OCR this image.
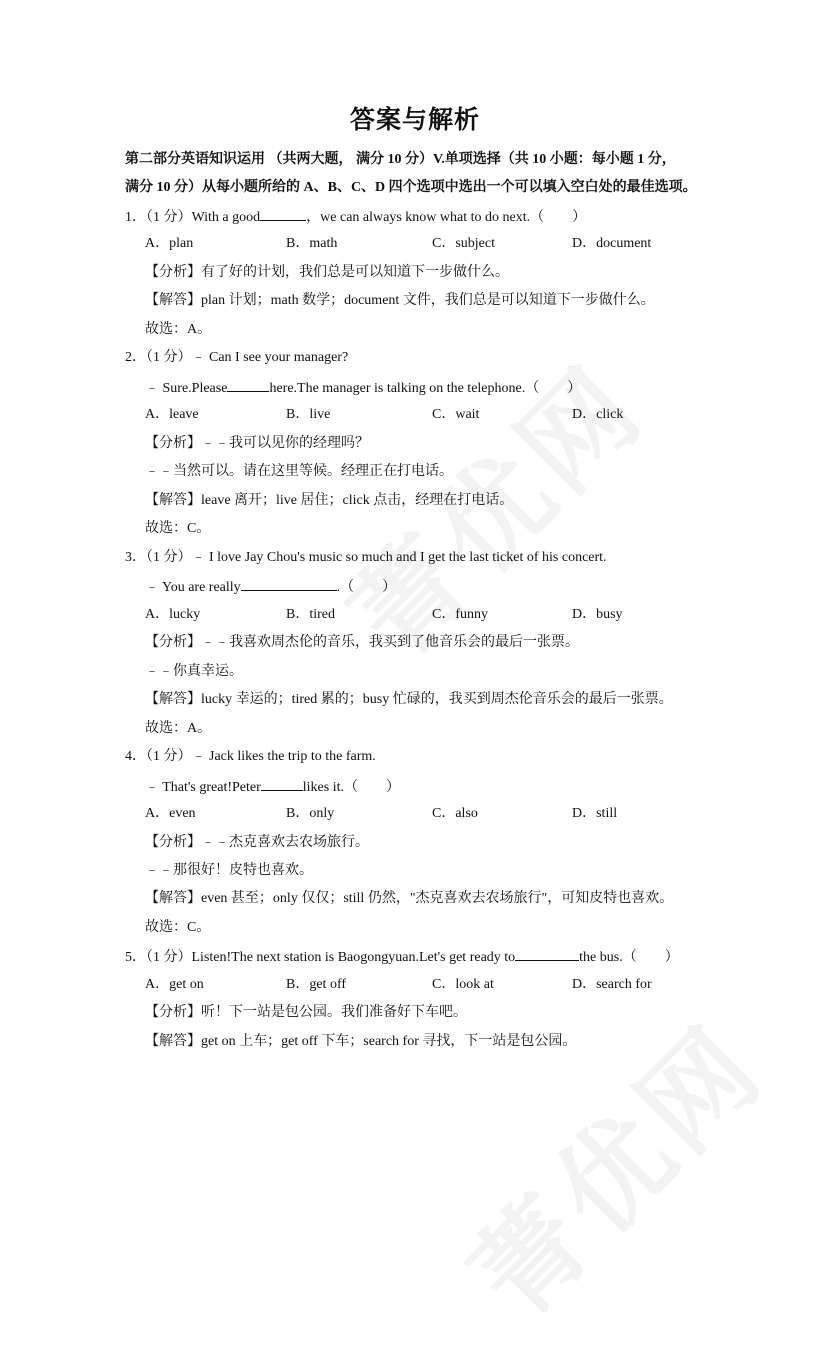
答案与解析
第二部分英语知识运用 （共两大题， 满分 10 分）V.单项选择（共 10 小题：每小题 1 分，
满分 10 分）从每小题所给的 A、B、C、D 四个选项中选出一个可以填入空白处的最佳选项。
1．（1 分）With a good	，we can always know what to do next.（　　）
A．plan	B．math	C．subject	D．document
【分析】有了好的计划，我们总是可以知道下一步做什么。
【解答】plan 计划；math 数学；document 文件，我们总是可以知道下一步做什么。
故选：A。
2．（1 分）﹣ Can I see your manager?
﹣ Sure.Please	here.The manager is talking on the telephone.（　　）
A．leave	B．live	C．wait	D．click
【分析】﹣﹣我可以见你的经理吗？
﹣﹣当然可以。请在这里等候。经理正在打电话。
【解答】leave 离开；live 居住；click 点击，经理在打电话。
故选：C。
3．（1 分）﹣ I love Jay Chou's music so much and I get the last ticket of his concert.
﹣ You are really	.（　　）
A．lucky	B．tired	C．funny	D．busy
【分析】﹣﹣我喜欢周杰伦的音乐，我买到了他音乐会的最后一张票。
﹣﹣你真幸运。
【解答】lucky 幸运的；tired 累的；busy 忙碌的，我买到周杰伦音乐会的最后一张票。
故选：A。
4．（1 分）﹣ Jack likes the trip to the farm.
﹣ That's great!Peter	likes it.（　　）
A．even	B．only	C．also	D．still
【分析】﹣﹣杰克喜欢去农场旅行。
﹣﹣那很好！皮特也喜欢。
【解答】even 甚至；only 仅仅；still 仍然，"杰克喜欢去农场旅行"，可知皮特也喜欢。
故选：C。
5．（1 分）Listen!The next station is Baogongyuan.Let's get ready to	the bus.（　　）
A．get on	B．get off	C．look at	D．search for
【分析】听！下一站是包公园。我们准备好下车吧。
【解答】get on 上车；get off 下车；search for 寻找，下一站是包公园。
